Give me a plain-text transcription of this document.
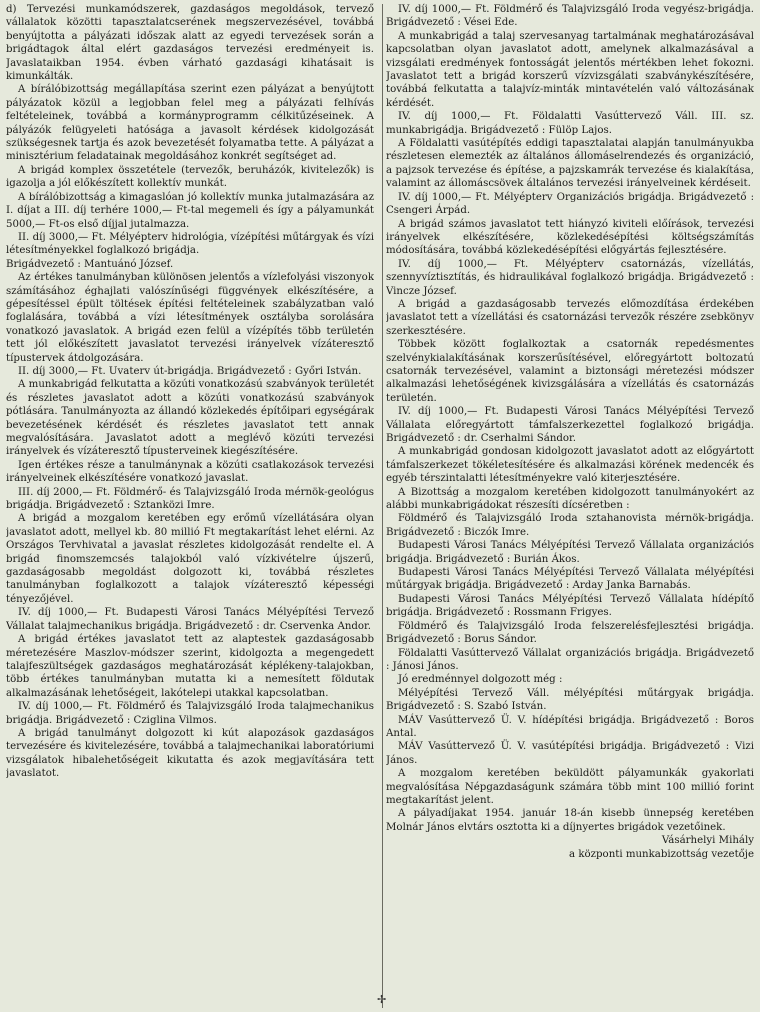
d) Tervezési munkamódszerek, gazdaságos megoldások, tervező vállalatok közötti tapasztalatcserének megszervezésével, továbbá benyújtotta a pályázati időszak alatt az egyedi tervezések során a brigádtagok által elért gazdaságos tervezési eredményeit is. Javaslataikban 1954. évben várható gazdasági kihatásait is kimunkálták.

A bírálóbizottság megállapítása szerint ezen pályázat a benyújtott pályázatok közül a legjobban felel meg a pályázati felhívás feltételeinek, továbbá a kormányprogramm célkitűzéseinek. A pályázók felügyeleti hatósága a javasolt kérdések kidolgozását szükségesnek tartja és azok bevezetését folyamatba tette. A pályázat a minisztérium feladatainak megoldásához konkrét segítséget ad.

A brigád komplex összetétele (tervezők, beruházók, kivitelezők) is igazolja a jól előkészített kollektív munkát.

A bírálóbizottság a kimagaslóan jó kollektív munka jutalmazására az I. díjat a III. díj terhére 1000,— Ft-tal megemeli és így a pályamunkát 5000,— Ft-os első díjjal jutalmazza.

II. díj 3000,— Ft. Mélyépterv hidrológia, vízépítési műtárgyak és vízi létesítményekkel foglalkozó brigádja.

Brigádvezető : Mantuánó József.

Az értékes tanulmányban különösen jelentős a vízlefolyási viszonyok számításához éghajlati valószínűségi függvények elkészítésére, a gépesítéssel épült töltések építési feltételeinek szabályzatban való foglalására, továbbá a vízi létesítmények osztályba sorolására vonatkozó javaslatok. A brigád ezen felül a vízépítés több területén tett jól előkészített javaslatot tervezési irányelvek vízáteresztő típustervek átdolgozására.

II. díj 3000,— Ft. Uvaterv út-brigádja. Brigádvezető : Győri István.

A munkabrigád felkutatta a közúti vonatkozású szabványok területét és részletes javaslatot adott a közúti vonatkozású szabványok pótlására. Tanulmányozta az állandó közlekedés építőipari egységárak bevezetésének kérdését és részletes javaslatot tett annak megvalósítására. Javaslatot adott a meglévő közúti tervezési irányelvek és vízáteresztő típusterveinek kiegészítésére.

Igen értékes része a tanulmánynak a közúti csatlakozások tervezési irányelveinek elkészítésére vonatkozó javaslat.

III. díj 2000,— Ft. Földmérő- és Talajvizsgáló Iroda mérnök-geológus brigádja. Brigádvezető : Sztanközi Imre.

A brigád a mozgalom keretében egy erőmű vízellátására olyan javaslatot adott, mellyel kb. 80 millió Ft megtakarítást lehet elérni. Az Országos Tervhivatal a javaslat részletes kidolgozását rendelte el. A brigád finomszemcsés talajokból való vízkivételre újszerű, gazdaságosabb megoldást dolgozott ki, továbbá részletes tanulmányban foglalkozott a talajok vízáteresztő képességi tényezőjével.

IV. díj 1000,— Ft. Budapesti Városi Tanács Mélyépítési Tervező Vállalat talajmechanikus brigádja. Brigádvezető : dr. Cservenka Andor.

A brigád értékes javaslatot tett az alaptestek gazdaságosabb méretezésére Maszlov-módszer szerint, kidolgozta a megengedett talajfeszültségek gazdaságos meghatározását képlékeny-talajokban, több értékes tanulmányban mutatta ki a nemesített földutak alkalmazásának lehetőségeit, lakótelepi utakkal kapcsolatban.

IV. díj 1000,— Ft. Földmérő és Talajvizsgáló Iroda talajmechanikus brigádja. Brigádvezető : Cziglina Vilmos.

A brigád tanulmányt dolgozott ki kút alapozások gazdaságos tervezésére és kivitelezésére, továbbá a talajmechanikai laboratóriumi vizsgálatok hibalehetőségeit kikutatta és azok megjavítására tett javaslatot.

IV. díj 1000,— Ft. Földmérő és Talajvizsgáló Iroda vegyész-brigádja. Brigádvezető : Vései Ede.

A munkabrigád a talaj szervesanyag tartalmának meghatározásával kapcsolatban olyan javaslatot adott, amelynek alkalmazásával a vizsgálati eredmények fontosságát jelentős mértékben lehet fokozni. Javaslatot tett a brigád korszerű vízvizsgálati szabványkészítésére, továbbá felkutatta a talajvíz-minták mintavételén való változásának kérdését.

IV. díj 1000,— Ft. Földalatti Vasúttervező Váll. III. sz. munkabrigádja. Brigádvezető : Fülöp Lajos.

A Földalatti vasútépítés eddigi tapasztalatai alapján tanulmányukba részletesen elemezték az általános állomáselrendezés és organizáció, a pajzsok tervezése és építése, a pajzskamrák tervezése és kialakítása, valamint az állomáscsövek általános tervezési irányelveinek kérdéseit.

IV. díj 1000,— Ft. Mélyépterv Organizációs brigádja. Brigádvezető : Csengeri Árpád.

A brigád számos javaslatot tett hiányzó kiviteli előírások, tervezési irányelvek elkészítésére, közlekedésépítési költségszámítás módosítására, továbbá közlekedésépítési előgyártás fejlesztésére.

IV. díj 1000,— Ft. Mélyépterv csatornázás, vízellátás, szennyvíztisztítás, és hidraulikával foglalkozó brigádja. Brigádvezető : Vincze József.

A brigád a gazdaságosabb tervezés előmozdítása érdekében javaslatot tett a vízellátási és csatornázási tervezők részére zsebkönyv szerkesztésére.

Többek között foglalkoztak a csatornák repedésmentes szelvénykialakításának korszerűsítésével, előregyártott boltozatú csatornák tervezésével, valamint a biztonsági méretezési módszer alkalmazási lehetőségének kivizsgálására a vízellátás és csatornázás területén.

IV. díj 1000,— Ft. Budapesti Városi Tanács Mélyépítési Tervező Vállalata előregyártott támfalszerkezettel foglalkozó brigádja. Brigádvezető : dr. Cserhalmi Sándor.

A munkabrigád gondosan kidolgozott javaslatot adott az előgyártott támfalszerkezet tökéletesítésére és alkalmazási körének medencék és egyéb térszintalatti létesítményekre való kiterjesztésére.

A Bizottság a mozgalom keretében kidolgozott tanulmányokért az alábbi munkabrigádokat részesíti dícséretben :

Földmérő és Talajvizsgáló Iroda sztahanovista mérnök-brigádja. Brigádvezető : Biczók Imre.

Budapesti Városi Tanács Mélyépítési Tervező Vállalata organizációs brigádja. Brigádvezető : Burián Ákos.

Budapesti Városi Tanács Mélyépítési Tervező Vállalata mélyépítési műtárgyak brigádja. Brigádvezető : Arday Janka Barnabás.

Budapesti Városi Tanács Mélyépítési Tervező Vállalata hídépítő brigádja. Brigádvezető : Rossmann Frigyes.

Földmérő és Talajvizsgáló Iroda felszerelésfejlesztési brigádja. Brigádvezető : Borus Sándor.

Földalatti Vasúttervező Vállalat organizációs brigádja. Brigádvezető : Jánosi János.

Jó eredménnyel dolgozott még :

Mélyépítési Tervező Váll. mélyépítési műtárgyak brigádja. Brigádvezető : S. Szabó István.

MÁV Vasúttervező Ü. V. hídépítési brigádja. Brigádvezető : Boros Antal.

MÁV Vasúttervező Ü. V. vasútépítési brigádja. Brigádvezető : Vizi János.

A mozgalom keretében beküldött pályamunkák gyakorlati megvalósítása Népgazdaságunk számára több mint 100 millió forint megtakarítást jelent.

A pályadíjakat 1954. január 18-án kisebb ünnepség keretében Molnár János elvtárs osztotta ki a díjnyertes brigádok vezetőinek.

Vásárhelyi Mihály

a központi munkabizottság vezetője

✢
